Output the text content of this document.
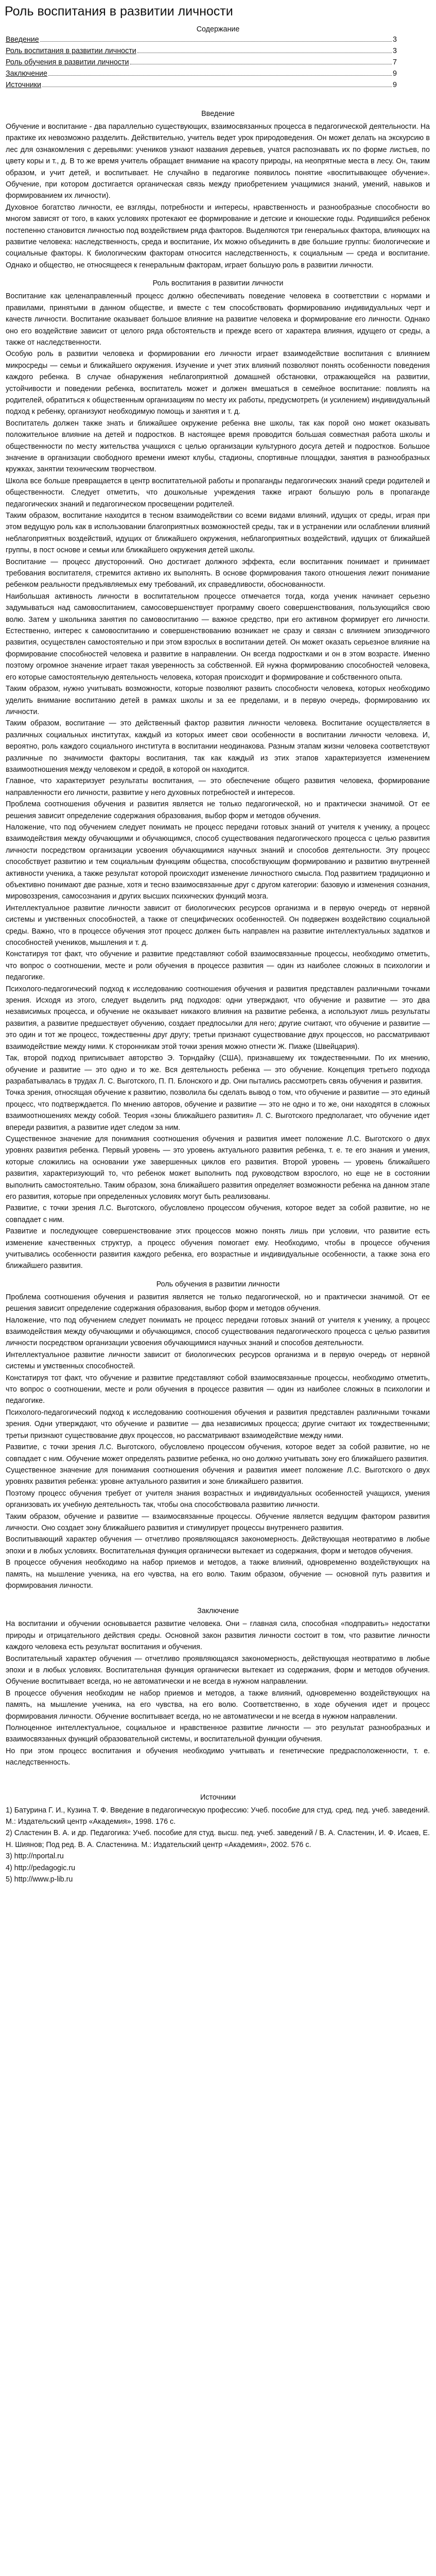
Роль воспитания в развитии личности

Содержание

Введение	3
Роль воспитания в развитии личности	3
Роль обучения в развитии личности	7
Заключение	9
Источники	9

Введение

Обучение и воспитание - два параллельно существующих, взаимосвязанных процесса в педагогической деятельности. На практике их невозможно разделить. Действительно, учитель ведет урок природоведения. Он может делать на экскурсию в лес для ознакомления с деревьями: учеников узнают названия деревьев, учатся распознавать их по форме листьев, по цвету коры и т., д. В то же время учитель обращает внимание на красоту природы, на неопрятные места в лесу. Он, таким образом, и учит детей, и воспитывает. Не случайно в педагогике появилось понятие «воспитывающее обучение». Обучение, при котором достигается органическая связь между приобретением учащимися знаний, умений, навыков и формированием их личности).

Духовное богатство личности, ее взгляды, потребности и интересы, нравственность и разнообразные способности во многом зависят от того, в каких условиях протекают ее формирование и детские и юношеские годы. Родившийся ребенок постепенно становится личностью под воздействием ряда факторов. Выделяются три генеральных фактора, влияющих на развитие человека: наследственность, среда и воспитание, Их можно объединить в две большие группы: биологические и социальные факторы. К биологическим факторам относится наследственность, к социальным — среда и воспитание. Однако и общество, не относящееся к генеральным факторам, играет большую роль в развитии личности.

Роль воспитания в развитии личности

Воспитание как целенаправленный процесс должно обеспечивать поведение человека в соответствии с нормами и правилами, принятыми в данном обществе, и вместе с тем способствовать формированию индивидуальных черт и качеств личности. Воспитание оказывает большое влияние на развитие человека и формирование его личности. Однако оно его воздействие зависит от целого ряда обстоятельств и прежде всего от характера влияния, идущего от среды, а также от наследственности.

Особую роль в развитии человека и формировании его личности играет взаимодействие воспитания с влиянием микросреды — семьи и ближайшего окружения. Изучение и учет этих влияний позволяют понять особенности поведения каждого ребенка. В случае обнаружения неблагоприятной домашней обстановки, отражающейся на развитии, устойчивости и поведении ребенка, воспитатель может и должен вмешаться в семейное воспитание: повлиять на родителей, обратиться к общественным организациям по месту их работы, предусмотреть (и усилением) индивидуальный подход к ребенку, организуют необходимую помощь и занятия и т. д.

Воспитатель должен также знать и ближайшее окружение ребенка вне школы, так как порой оно может оказывать положительное влияние на детей и подростков. В настоящее время проводится большая совместная работа школы и общественности по месту жительства учащихся с целью организации культурного досуга детей и подростков. Большое значение в организации свободного времени имеют клубы, стадионы, спортивные площадки, занятия в разнообразных кружках, занятии техническим творчеством.

Школа все больше превращается в центр воспитательной работы и пропаганды педагогических знаний среди родителей и общественности. Следует отметить, что дошкольные учреждения также играют большую роль в пропаганде педагогических знаний и педагогическом просвещении родителей.

Таким образом, воспитание находится в тесном взаимодействии со всеми видами влияний, идущих от среды, играя при этом ведущую роль как в использовании благоприятных возможностей среды, так и в устранении или ослаблении влияний неблагоприятных воздействий, идущих от ближайшего окружения, неблагоприятных воздействий, идущих от ближайшей группы, в пост основе и семьи или ближайшего окружения детей школы.

Воспитание — процесс двусторонний. Оно достигает должного эффекта, если воспитанник понимает и принимает требования воспитателя, стремится активно их выполнять. В основе формирования такого отношения лежит понимание ребенком реальности предъявляемых ему требований, их справедливости, обоснованности.

Наибольшая активность личности в воспитательном процессе отмечается тогда, когда ученик начинает серьезно задумываться над самовоспитанием, самосовершенствует программу своего совершенствования, пользующийся свою волю. Затем у школьника занятия по самовоспитанию — важное средство, при его активном формирует его личности. Естественно, интерес к самовоспитанию и совершенствованию возникает не сразу и связан с влиянием эпизодичного развития, осуществлен самостоятельно и при этом взрослых в воспитании детей. Он может оказать серьезное влияние на формирование способностей человека и развитие в направлении. Он всегда подростками и он в этом возрасте. Именно поэтому огромное значение играет такая уверенность за собственной. Ей нужна формированию способностей человека, его которые самостоятельную деятельность человека, которая происходит и формирование и собственного опыта.

Таким образом, нужно учитывать возможности, которые позволяют развить способности человека, которых необходимо уделить внимание воспитанию детей в рамках школы и за ее пределами, и в первую очередь, формированию их личности.

Таким образом, воспитание — это действенный фактор развития личности человека. Воспитание осуществляется в различных социальных институтах, каждый из которых имеет свои особенности в воспитании личности человека. И, вероятно, роль каждого социального института в воспитании неодинакова. Разным этапам жизни человека соответствуют различные по значимости факторы воспитания, так как каждый из этих этапов характеризуется изменением взаимоотношения между человеком и средой, в которой он находится.

Главное, что характеризует результаты воспитания, — это обеспечение общего развития человека, формирование направленности его личности, развитие у него духовных потребностей и интересов.

Проблема соотношения обучения и развития является не только педагогической, но и практически значимой. От ее решения зависит определение содержания образования, выбор форм и методов обучения.

Наложение, что под обучением следует понимать не процесс передачи готовых знаний от учителя к ученику, а процесс взаимодействия между обучающими и обучающимся, способ существования педагогического процесса с целью развития личности посредством организации усвоения обучающимися научных знаний и способов деятельности. Эту процесс способствует развитию и тем социальным функциям общества, способствующим формированию и развитию внутренней активности ученика, а также результат которой происходит изменение личностного смысла. Под развитием традиционно и объективно понимают две разные, хотя и тесно взаимосвязанные друг с другом категории: базовую и изменения сознания, мировоззрения, самосознания и других высших психических функций мозга.

Интеллектуальное развитие личности зависит от биологических ресурсов организма и в первую очередь от нервной системы и умственных способностей, а также от специфических особенностей. Он подвержен воздействию социальной среды. Важно, что в процессе обучения этот процесс должен быть направлен на развитие интеллектуальных задатков и способностей учеников, мышления и т. д.

Констатируя тот факт, что обучение и развитие представляют собой взаимосвязанные процессы, необходимо отметить, что вопрос о соотношении, месте и роли обучения в процессе развития — один из наиболее сложных в психологии и педагогике.

Психолого-педагогический подход к исследованию соотношения обучения и развития представлен различными точками зрения. Исходя из этого, следует выделить ряд подходов: одни утверждают, что обучение и развитие — это два независимых процесса, и обучение не оказывает никакого влияния на развитие ребенка, а используют лишь результаты развития, а развитие предшествует обучению, создает предпосылки для него; другие считают, что обучение и развитие — это один и тот же процесс, тождественны друг другу; третьи признают существование двух процессов, но рассматривают взаимодействие между ними. К сторонникам этой точки зрения можно отнести Ж. Пиаже (Швейцария).

Так, второй подход приписывает авторство Э. Торндайку (США), признавшему их тождественными. По их мнению, обучение и развитие — это одно и то же. Вся деятельность ребенка — это обучение. Концепция третьего подхода разрабатывалась в трудах Л. С. Выготского, П. П. Блонского и др. Они пытались рассмотреть связь обучения и развития.

Точка зрения, относящая обучение к развитию, позволила бы сделать вывод о том, что обучение и развитие — это единый процесс, что подтверждается. По мнению авторов, обучение и развитие — это не одно и то же, они находятся в сложных взаимоотношениях между собой. Теория «зоны ближайшего развития» Л. С. Выготского предполагает, что обучение идет впереди развития, а развитие идет следом за ним.

Существенное значение для понимания соотношения обучения и развития имеет положение Л.С. Выготского о двух уровнях развития ребенка. Первый уровень — это уровень актуального развития ребенка, т. е. те его знания и умения, которые сложились на основании уже завершенных циклов его развития. Второй уровень — уровень ближайшего развития, характеризующий то, что ребенок может выполнить под руководством взрослого, но еще не в состоянии выполнить самостоятельно. Таким образом, зона ближайшего развития определяет возможности ребенка на данном этапе его развития, которые при определенных условиях могут быть реализованы.

Развитие, с точки зрения Л.С. Выготского, обусловлено процессом обучения, которое ведет за собой развитие, но не совпадает с ним.

Развитие и последующее совершенствование этих процессов можно понять лишь при условии, что развитие есть изменение качественных структур, а процесс обучения помогает ему. Необходимо, чтобы в процессе обучения учитывались особенности развития каждого ребенка, его возрастные и индивидуальные особенности, а также зона его ближайшего развития.

Роль обучения в развитии личности

Проблема соотношения обучения и развития является не только педагогической, но и практически значимой. От ее решения зависит определение содержания образования, выбор форм и методов обучения.

Наложение, что под обучением следует понимать не процесс передачи готовых знаний от учителя к ученику, а процесс взаимодействия между обучающими и обучающимся, способ существования педагогического процесса с целью развития личности посредством организации усвоения обучающимися научных знаний и способов деятельности.

Интеллектуальное развитие личности зависит от биологических ресурсов организма и в первую очередь от нервной системы и умственных способностей.

Констатируя тот факт, что обучение и развитие представляют собой взаимосвязанные процессы, необходимо отметить, что вопрос о соотношении, месте и роли обучения в процессе развития — один из наиболее сложных в психологии и педагогике.

Психолого-педагогический подход к исследованию соотношения обучения и развития представлен различными точками зрения. Одни утверждают, что обучение и развитие — два независимых процесса; другие считают их тождественными; третьи признают существование двух процессов, но рассматривают взаимодействие между ними.

Развитие, с точки зрения Л.С. Выготского, обусловлено процессом обучения, которое ведет за собой развитие, но не совпадает с ним. Обучение может определять развитие ребенка, но оно должно учитывать зону его ближайшего развития.

Существенное значение для понимания соотношения обучения и развития имеет положение Л.С. Выготского о двух уровнях развития ребенка: уровне актуального развития и зоне ближайшего развития.

Поэтому процесс обучения требует от учителя знания возрастных и индивидуальных особенностей учащихся, умения организовать их учебную деятельность так, чтобы она способствовала развитию личности.

Таким образом, обучение и развитие — взаимосвязанные процессы. Обучение является ведущим фактором развития личности. Оно создает зону ближайшего развития и стимулирует процессы внутреннего развития.

Воспитывающий характер обучения — отчетливо проявляющаяся закономерность. Действующая неотвратимо в любые эпохи и в любых условиях. Воспитательная функция органически вытекает из содержания, форм и методов обучения.

В процессе обучения необходимо на набор приемов и методов, а также влияний, одновременно воздействующих на память, на мышление ученика, на его чувства, на его волю. Таким образом, обучение — основной путь развития и формирования личности.

Заключение

На воспитании и обучении основывается развитие человека. Они – главная сила, способная «подправить» недостатки природы и отрицательного действия среды. Основной закон развития личности состоит в том, что развитие личности каждого человека есть результат воспитания и обучения.

Воспитательный характер обучения — отчетливо проявляющаяся закономерность, действующая неотвратимо в любые эпохи и в любых условиях. Воспитательная функция органически вытекает из содержания, форм и методов обучения. Обучение воспитывает всегда, но не автоматически и не всегда в нужном направлении.

В процессе обучения необходим не набор приемов и методов, а также влияний, одновременно воздействующих на память, на мышление ученика, на его чувства, на его волю. Соответственно, в ходе обучения идет и процесс формирования личности. Обучение воспитывает всегда, но не автоматически и не всегда в нужном направлении.

Полноценное интеллектуальное, социальное и нравственное развитие личности — это результат разнообразных и взаимосвязанных функций образовательной системы, и воспитательной функции обучения.

Но при этом процесс воспитания и обучения необходимо учитывать и генетические предрасположенности, т. е. наследственность.

Источники

1) Батурина Г. И., Кузина Т. Ф. Введение в педагогическую профессию: Учеб. пособие для студ. сред. пед. учеб. заведений. М.: Издательский центр «Академия», 1998. 176 с.

2) Сластенин В. А. и др. Педагогика: Учеб. пособие для студ. высш. пед. учеб. заведений / В. А. Сластенин, И. Ф. Исаев, Е. Н. Шиянов; Под ред. В. А. Сластенина. М.: Издательский центр «Академия», 2002. 576 с.

3) http://nportal.ru

4) http://pedagogic.ru

5) http://www.p-lib.ru
